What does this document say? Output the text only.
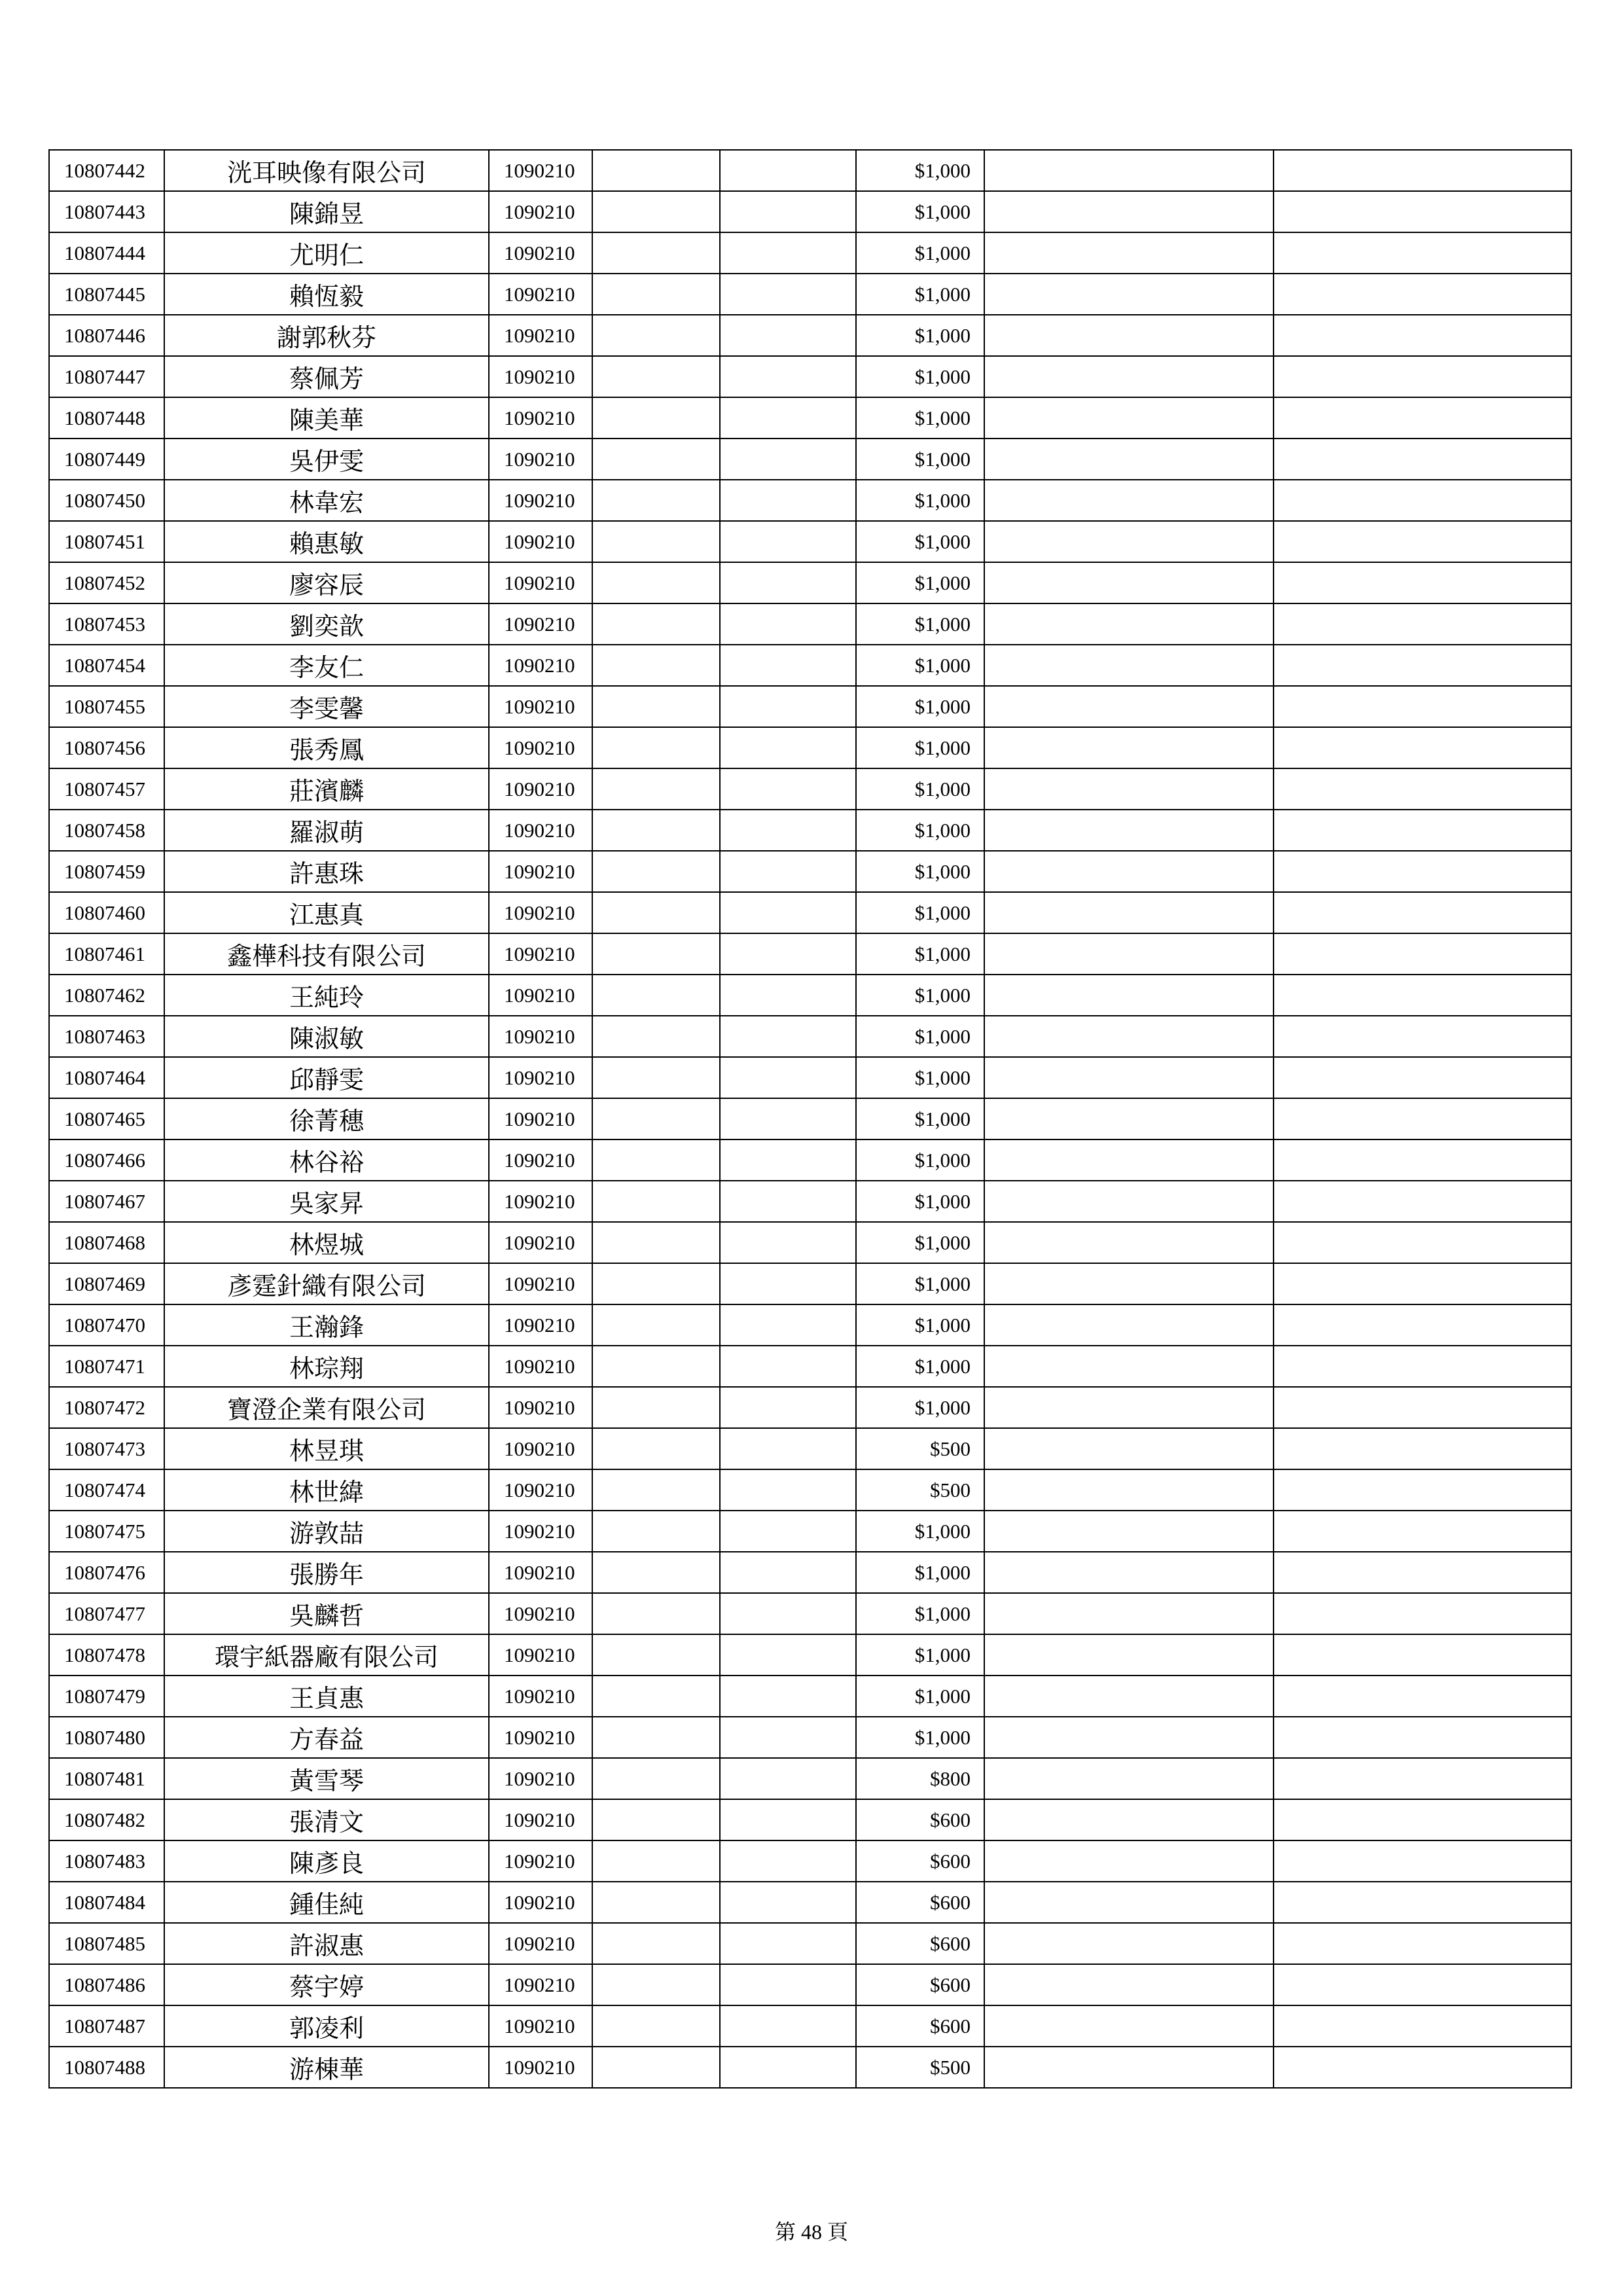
10807442	洸耳映像有限公司	1090210			$1,000		
10807443	陳錦昱	1090210			$1,000		
10807444	尤明仁	1090210			$1,000		
10807445	賴恆毅	1090210			$1,000		
10807446	謝郭秋芬	1090210			$1,000		
10807447	蔡佩芳	1090210			$1,000		
10807448	陳美華	1090210			$1,000		
10807449	吳伊雯	1090210			$1,000		
10807450	林韋宏	1090210			$1,000		
10807451	賴惠敏	1090210			$1,000		
10807452	廖容辰	1090210			$1,000		
10807453	劉奕歆	1090210			$1,000		
10807454	李友仁	1090210			$1,000		
10807455	李雯馨	1090210			$1,000		
10807456	張秀鳳	1090210			$1,000		
10807457	莊濱麟	1090210			$1,000		
10807458	羅淑萌	1090210			$1,000		
10807459	許惠珠	1090210			$1,000		
10807460	江惠真	1090210			$1,000		
10807461	鑫樺科技有限公司	1090210			$1,000		
10807462	王純玲	1090210			$1,000		
10807463	陳淑敏	1090210			$1,000		
10807464	邱靜雯	1090210			$1,000		
10807465	徐菁穗	1090210			$1,000		
10807466	林谷裕	1090210			$1,000		
10807467	吳家昇	1090210			$1,000		
10807468	林煜城	1090210			$1,000		
10807469	彥霆針織有限公司	1090210			$1,000		
10807470	王瀚鋒	1090210			$1,000		
10807471	林琮翔	1090210			$1,000		
10807472	寶澄企業有限公司	1090210			$1,000		
10807473	林昱琪	1090210			$500		
10807474	林世緯	1090210			$500		
10807475	游敦喆	1090210			$1,000		
10807476	張勝年	1090210			$1,000		
10807477	吳麟哲	1090210			$1,000		
10807478	環宇紙器廠有限公司	1090210			$1,000		
10807479	王貞惠	1090210			$1,000		
10807480	方春益	1090210			$1,000		
10807481	黃雪琴	1090210			$800		
10807482	張清文	1090210			$600		
10807483	陳彥良	1090210			$600		
10807484	鍾佳純	1090210			$600		
10807485	許淑惠	1090210			$600		
10807486	蔡宇婷	1090210			$600		
10807487	郭凌利	1090210			$600		
10807488	游棟華	1090210			$500		
第 48 頁
